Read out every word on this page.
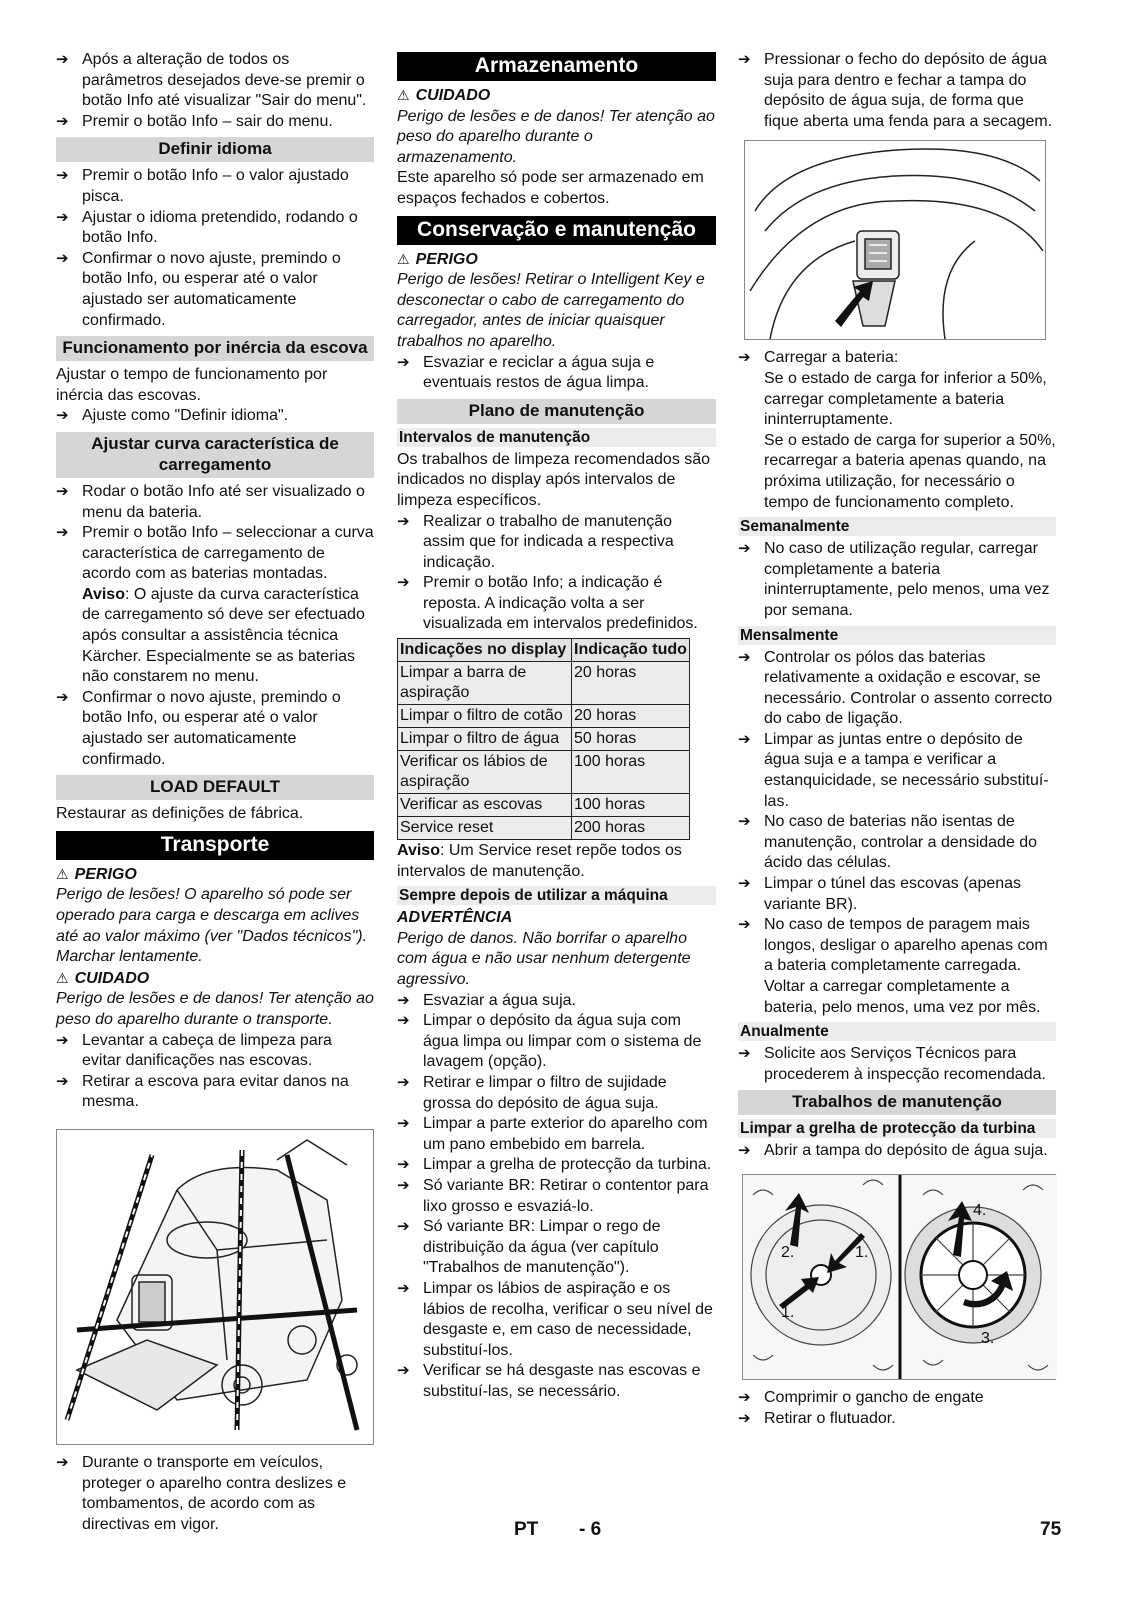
➔ Após a alteração de todos os parâmetros desejados deve-se premir o botão Info até visualizar "Sair do menu".
➔ Premir o botão Info – sair do menu.
Definir idioma
➔ Premir o botão Info – o valor ajustado pisca.
➔ Ajustar o idioma pretendido, rodando o botão Info.
➔ Confirmar o novo ajuste, premindo o botão Info, ou esperar até o valor ajustado ser automaticamente confirmado.
Funcionamento por inércia da escova

Ajustar o tempo de funcionamento por inércia das escovas.

➔ Ajuste como "Definir idioma".
Ajustar curva característica de carregamento
➔ Rodar o botão Info até ser visualizado o menu da bateria.
➔ Premir o botão Info – seleccionar a curva característica de carregamento de acordo com as baterias montadas.
Aviso: O ajuste da curva característica de carregamento só deve ser efectuado após consultar a assistência técnica Kärcher. Especialmente se as baterias não constarem no menu.
➔ Confirmar o novo ajuste, premindo o botão Info, ou esperar até o valor ajustado ser automaticamente confirmado.
LOAD DEFAULT

Restaurar as definições de fábrica.

Transporte
⚠ PERIGO

Perigo de lesões! O aparelho só pode ser operado para carga e descarga em aclives até ao valor máximo (ver "Dados técnicos"). Marchar lentamente.

⚠ CUIDADO

Perigo de lesões e de danos! Ter atenção ao peso do aparelho durante o transporte.

➔ Levantar a cabeça de limpeza para evitar danificações nas escovas.
➔ Retirar a escova para evitar danos na mesma.
➔ Durante o transporte em veículos, proteger o aparelho contra deslizes e tombamentos, de acordo com as directivas em vigor.
Armazenamento
⚠ CUIDADO

Perigo de lesões e de danos! Ter atenção ao peso do aparelho durante o armazenamento.

Este aparelho só pode ser armazenado em espaços fechados e cobertos.

Conservação e manutenção
⚠ PERIGO

Perigo de lesões! Retirar o Intelligent Key e desconectar o cabo de carregamento do carregador, antes de iniciar quaisquer trabalhos no aparelho.

➔ Esvaziar e reciclar a água suja e eventuais restos de água limpa.
Plano de manutenção
Intervalos de manutenção

Os trabalhos de limpeza recomendados são indicados no display após intervalos de limpeza específicos.

➔ Realizar o trabalho de manutenção assim que for indicada a respectiva indicação.
➔ Premir o botão Info; a indicação é reposta. A indicação volta a ser visualizada em intervalos predefinidos.
Indicações no display	Indicação tudo
Limpar a barra de aspiração	20 horas
Limpar o filtro de cotão	20 horas
Limpar o filtro de água	50 horas
Verificar os lábios de aspiração	100 horas
Verificar as escovas	100 horas
Service reset	200 horas

Aviso: Um Service reset repõe todos os intervalos de manutenção.

Sempre depois de utilizar a máquina
ADVERTÊNCIA

Perigo de danos. Não borrifar o aparelho com água e não usar nenhum detergente agressivo.

➔ Esvaziar a água suja.
➔ Limpar o depósito da água suja com água limpa ou limpar com o sistema de lavagem (opção).
➔ Retirar e limpar o filtro de sujidade grossa do depósito de água suja.
➔ Limpar a parte exterior do aparelho com um pano embebido em barrela.
➔ Limpar a grelha de protecção da turbina.
➔ Só variante BR: Retirar o contentor para lixo grosso e esvaziá-lo.
➔ Só variante BR: Limpar o rego de distribuição da água (ver capítulo "Trabalhos de manutenção").
➔ Limpar os lábios de aspiração e os lábios de recolha, verificar o seu nível de desgaste e, em caso de necessidade, substituí-los.
➔ Verificar se há desgaste nas escovas e substituí-las, se necessário.
➔ Pressionar o fecho do depósito de água suja para dentro e fechar a tampa do depósito de água suja, de forma que fique aberta uma fenda para a secagem.
➔ Carregar a bateria:
Se o estado de carga for inferior a 50%, carregar completamente a bateria ininterruptamente.
Se o estado de carga for superior a 50%, recarregar a bateria apenas quando, na próxima utilização, for necessário o tempo de funcionamento completo.
Semanalmente
➔ No caso de utilização regular, carregar completamente a bateria ininterruptamente, pelo menos, uma vez por semana.
Mensalmente
➔ Controlar os pólos das baterias relativamente a oxidação e escovar, se necessário. Controlar o assento correcto do cabo de ligação.
➔ Limpar as juntas entre o depósito de água suja e a tampa e verificar a estanquicidade, se necessário substituí-las.
➔ No caso de baterias não isentas de manutenção, controlar a densidade do ácido das células.
➔ Limpar o túnel das escovas (apenas variante BR).
➔ No caso de tempos de paragem mais longos, desligar o aparelho apenas com a bateria completamente carregada. Voltar a carregar completamente a bateria, pelo menos, uma vez por mês.
Anualmente
➔ Solicite aos Serviços Técnicos para procederem à inspecção recomendada.
Trabalhos de manutenção
Limpar a grelha de protecção da turbina
➔ Abrir a tampa do depósito de água suja.
2.	1.
1.
4.
3.
➔ Comprimir o gancho de engate
➔ Retirar o flutuador.
PT - 6	75
